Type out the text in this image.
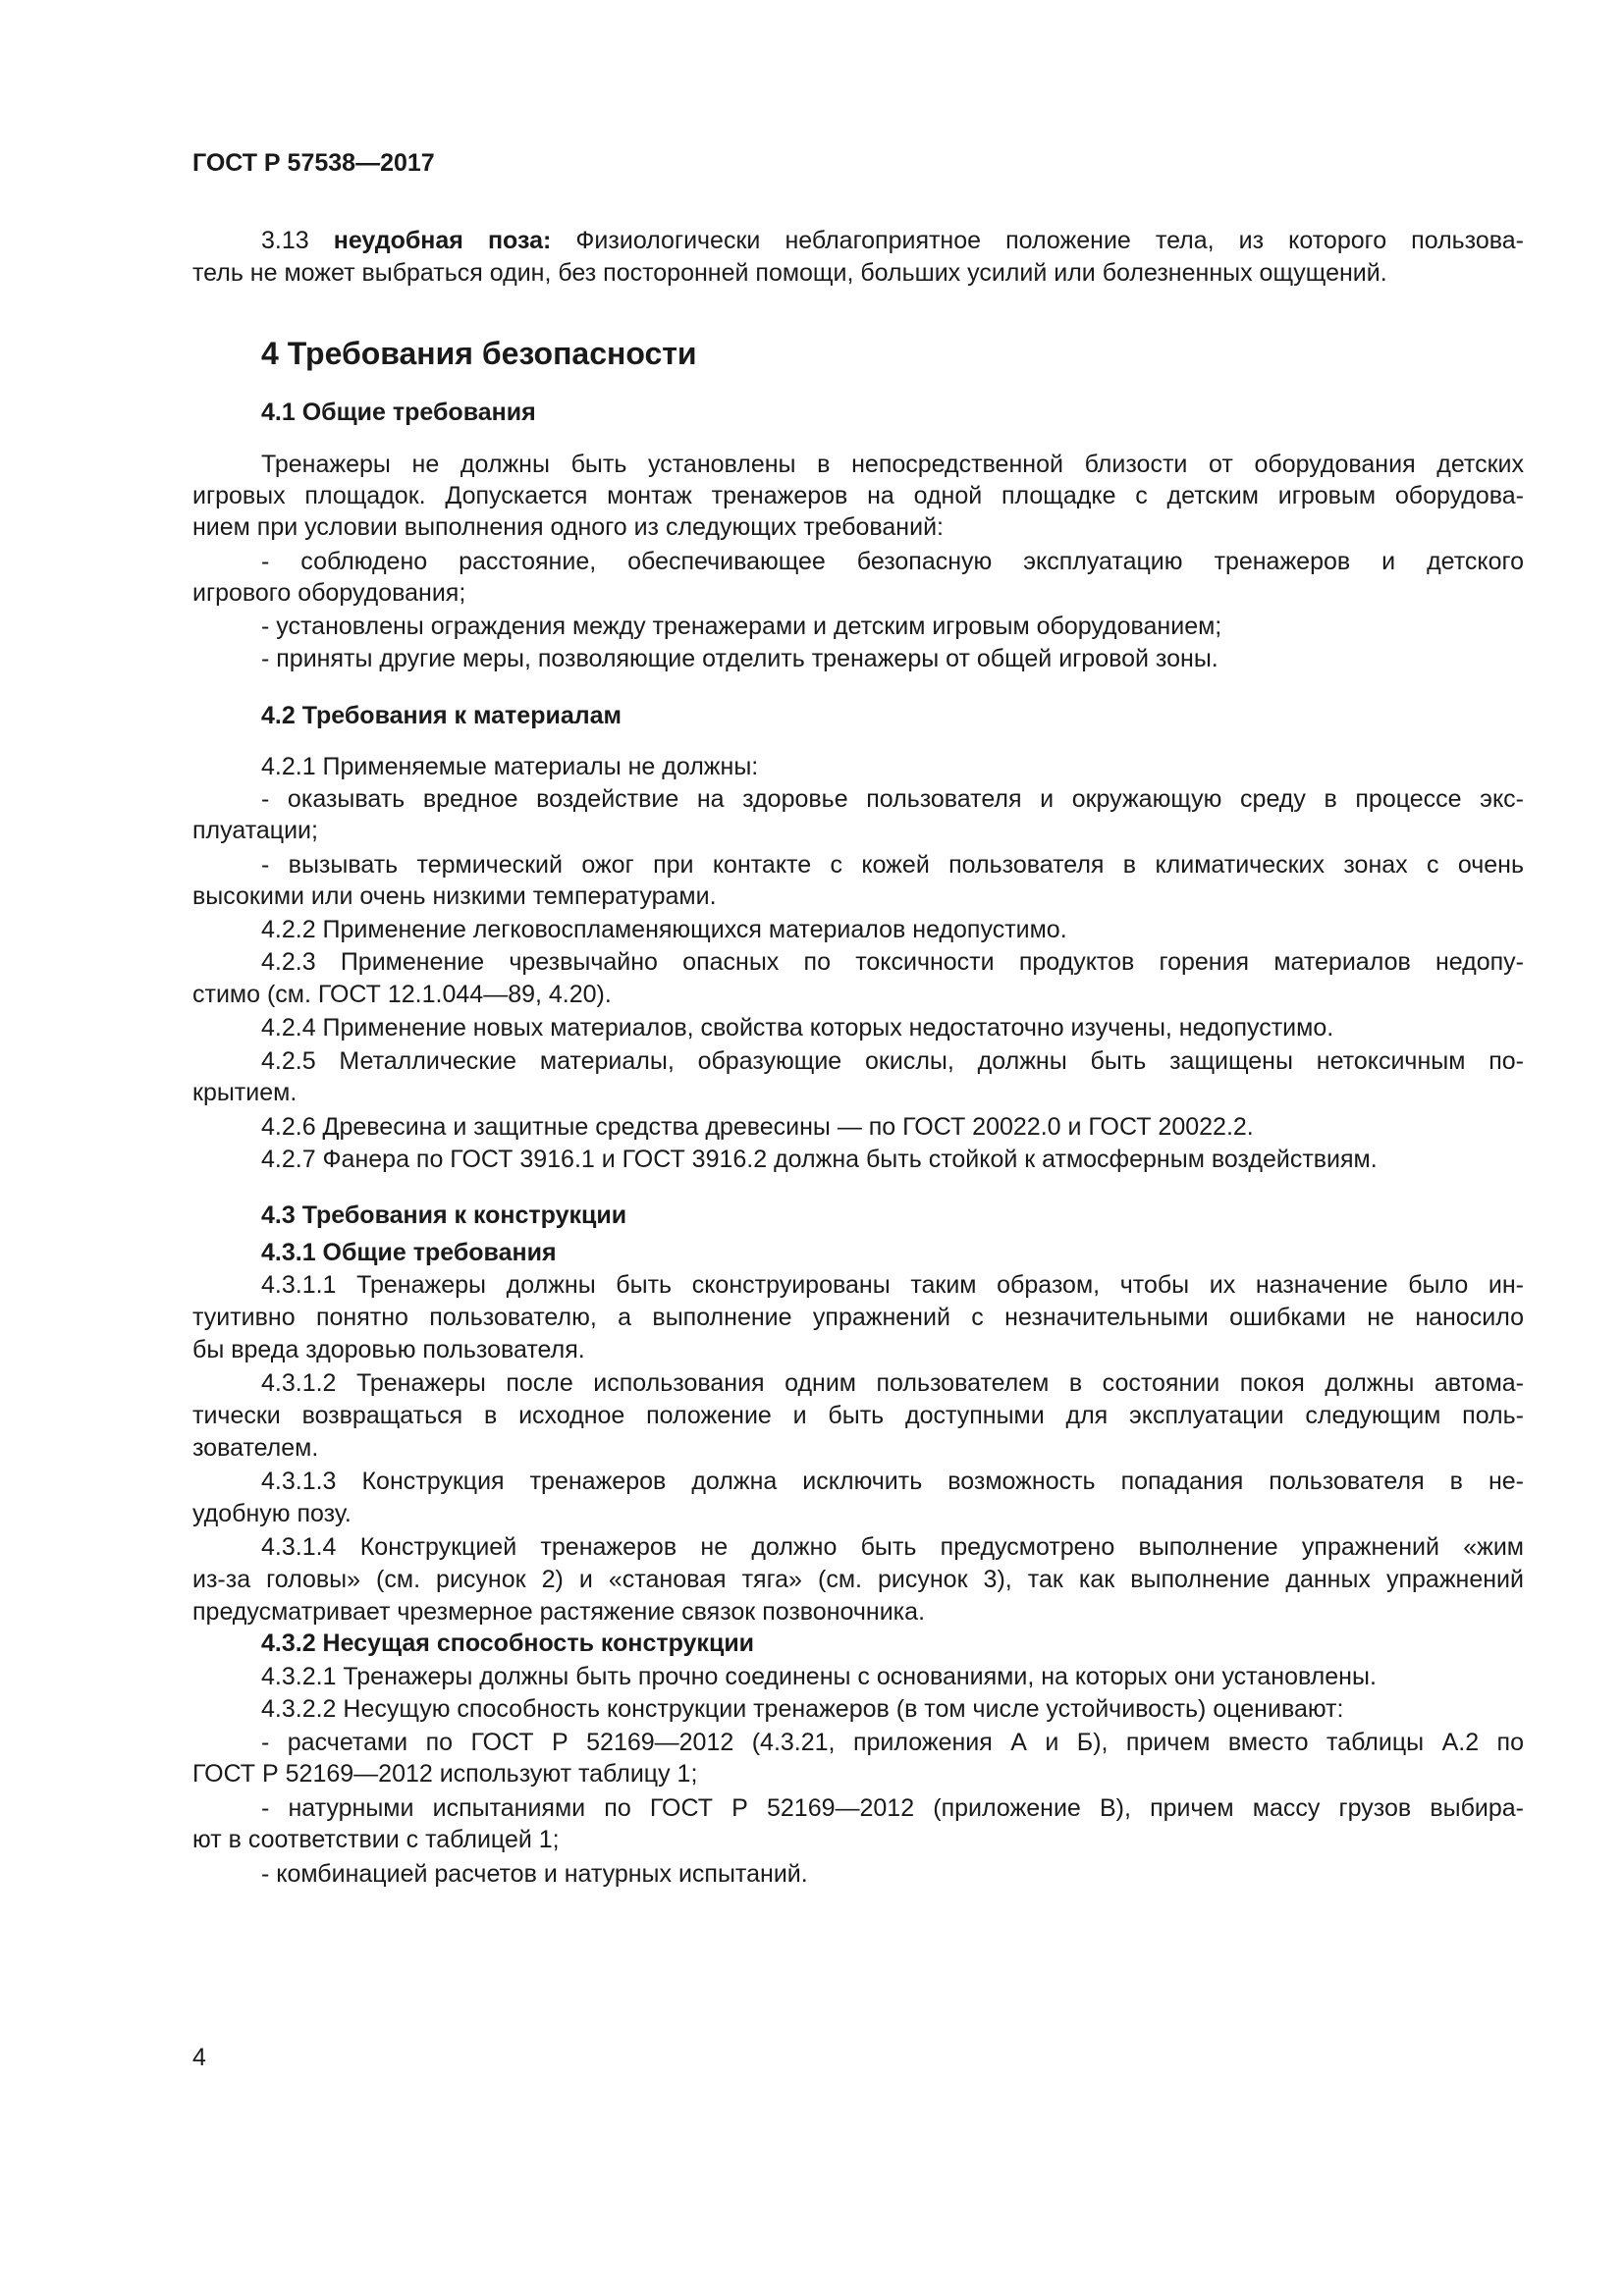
ГОСТ Р 57538—2017

3.13 неудобная поза: Физиологически неблагоприятное положение тела, из которого пользова-

тель не может выбраться один, без посторонней помощи, больших усилий или болезненных ощущений.

4 Требования безопасности
4.1 Общие требования

Тренажеры не должны быть установлены в непосредственной близости от оборудования детских

игровых площадок. Допускается монтаж тренажеров на одной площадке с детским игровым оборудова-

нием при условии выполнения одного из следующих требований:

- соблюдено расстояние, обеспечивающее безопасную эксплуатацию тренажеров и детского

игрового оборудования;

- установлены ограждения между тренажерами и детским игровым оборудованием;

- приняты другие меры, позволяющие отделить тренажеры от общей игровой зоны.

4.2 Требования к материалам

4.2.1 Применяемые материалы не должны:

- оказывать вредное воздействие на здоровье пользователя и окружающую среду в процессе экс-

плуатации;

- вызывать термический ожог при контакте с кожей пользователя в климатических зонах с очень

высокими или очень низкими температурами.

4.2.2 Применение легковоспламеняющихся материалов недопустимо.

4.2.3 Применение чрезвычайно опасных по токсичности продуктов горения материалов недопу-

стимо (см. ГОСТ 12.1.044—89, 4.20).

4.2.4 Применение новых материалов, свойства которых недостаточно изучены, недопустимо.

4.2.5 Металлические материалы, образующие окислы, должны быть защищены нетоксичным по-

крытием.

4.2.6 Древесина и защитные средства древесины — по ГОСТ 20022.0 и ГОСТ 20022.2.

4.2.7 Фанера по ГОСТ 3916.1 и ГОСТ 3916.2 должна быть стойкой к атмосферным воздействиям.

4.3 Требования к конструкции
4.3.1 Общие требования

4.3.1.1 Тренажеры должны быть сконструированы таким образом, чтобы их назначение было ин-

туитивно понятно пользователю, а выполнение упражнений с незначительными ошибками не наносило

бы вреда здоровью пользователя.

4.3.1.2 Тренажеры после использования одним пользователем в состоянии покоя должны автома-

тически возвращаться в исходное положение и быть доступными для эксплуатации следующим поль-

зователем.

4.3.1.3 Конструкция тренажеров должна исключить возможность попадания пользователя в не-

удобную позу.

4.3.1.4 Конструкцией тренажеров не должно быть предусмотрено выполнение упражнений «жим

из-за головы» (см. рисунок 2) и «становая тяга» (см. рисунок 3), так как выполнение данных упражнений

предусматривает чрезмерное растяжение связок позвоночника.

4.3.2 Несущая способность конструкции

4.3.2.1 Тренажеры должны быть прочно соединены с основаниями, на которых они установлены.

4.3.2.2 Несущую способность конструкции тренажеров (в том числе устойчивость) оценивают:

- расчетами по ГОСТ Р 52169—2012 (4.3.21, приложения А и Б), причем вместо таблицы А.2 по

ГОСТ Р 52169—2012 используют таблицу 1;

- натурными испытаниями по ГОСТ Р 52169—2012 (приложение В), причем массу грузов выбира-

ют в соответствии с таблицей 1;

- комбинацией расчетов и натурных испытаний.

4
